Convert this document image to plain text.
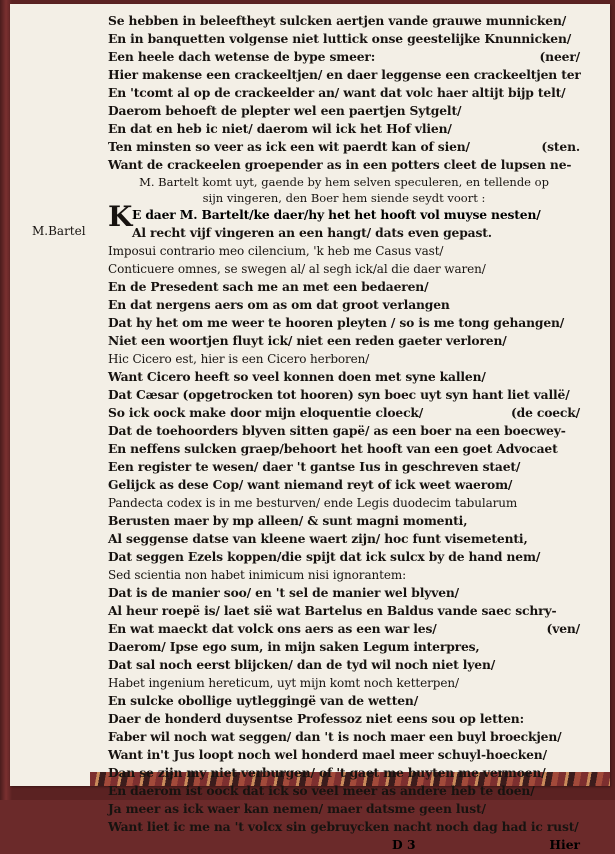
M.Bartel
Se hebben in beleeftheyt sulcken aertjen vande grauwe munnicken/
En in banquetten volgense niet luttick onse geestelijke Knunnicken/
Een heele dach wetense de bype smeer:	(neer/
Hier makense een crackeeltjen/ en daer leggense een crackeeltjen ter
En 'tcomt al op de crackeelder an/ want dat volc haer altijt bijp telt/
Daerom behoeft de plepter wel een paertjen Sytgelt/
En dat en heb ic niet/ daerom wil ick het Hof vlien/
Ten minsten so veer as ick een wit paerdt kan of sien/	(sten.
Want de crackeelen groepender as in een potters cleet de lupsen ne-
M. Bartelt komt uyt, gaende by hem selven speculeren, en tellende op
sijn vingeren, den Boer hem siende seydt voort :
K E daer M. Bartelt/ke daer/hy het het hooft vol muyse nesten/
Al recht vijf vingeren an een hangt/ dats even gepast.
Imposui contrario meo cilencium, 'k heb me Casus vast/
Conticuere omnes, se swegen al/ al segh ick/al die daer waren/
En de Presedent sach me an met een bedaeren/
En dat nergens aers om as om dat groot verlangen
Dat hy het om me weer te hooren pleyten / so is me tong gehangen/
Niet een woortjen fluyt ick/ niet een reden gaeter verloren/
Hic Cicero est, hier is een Cicero herboren/
Want Cicero heeft so veel konnen doen met syne kallen/
Dat Cæsar (opgetrocken tot hooren) syn boec uyt syn hant liet vallë/
So ick oock make door mijn eloquentie cloeck/	(de coeck/
Dat de toehoorders blyven sitten gapë/ as een boer na een boecwey-
En neffens sulcken graep/behoort het hooft van een goet Advocaet
Een register te wesen/ daer 't gantse Ius in geschreven staet/
Gelijck as dese Cop/ want niemand reyt of ick weet waerom/
Pandecta codex is in me besturven/ ende Legis duodecim tabularum
Berusten maer by mp alleen/ & sunt magni momenti,
Al seggense datse van kleene waert zijn/ hoc funt visemetenti,
Dat seggen Ezels koppen/die spijt dat ick sulcx by de hand nem/
Sed scientia non habet inimicum nisi ignorantem:
Dat is de manier soo/ en 't sel de manier wel blyven/
Al heur roepë is/ laet sië wat Bartelus en Baldus vande saec schry-
En wat maeckt dat volck ons aers as een war les/	(ven/
Daerom/ Ipse ego sum, in mijn saken Legum interpres,
Dat sal noch eerst blijcken/ dan de tyd wil noch niet lyen/
Habet ingenium hereticum, uyt mijn komt noch ketterpen/
En sulcke obollige uytleggingë van de wetten/
Daer de honderd duysentse Professoz niet eens sou op letten:
Faber wil noch wat seggen/ dan 't is noch maer een buyl broeckjen/
Want in't Jus loopt noch wel honderd mael meer schuyl-hoecken/
Dan se zijn my niet verburgen/ of 't gaet me buyten me vermoen/
En daerom ist oock dat ick so veel meer as andere heb te doen/
Ja meer as ick waer kan nemen/ maer datsme geen lust/
Want liet ic me na 't volcx sin gebruycken nacht noch dag had ic rust/
D 3	Hier
